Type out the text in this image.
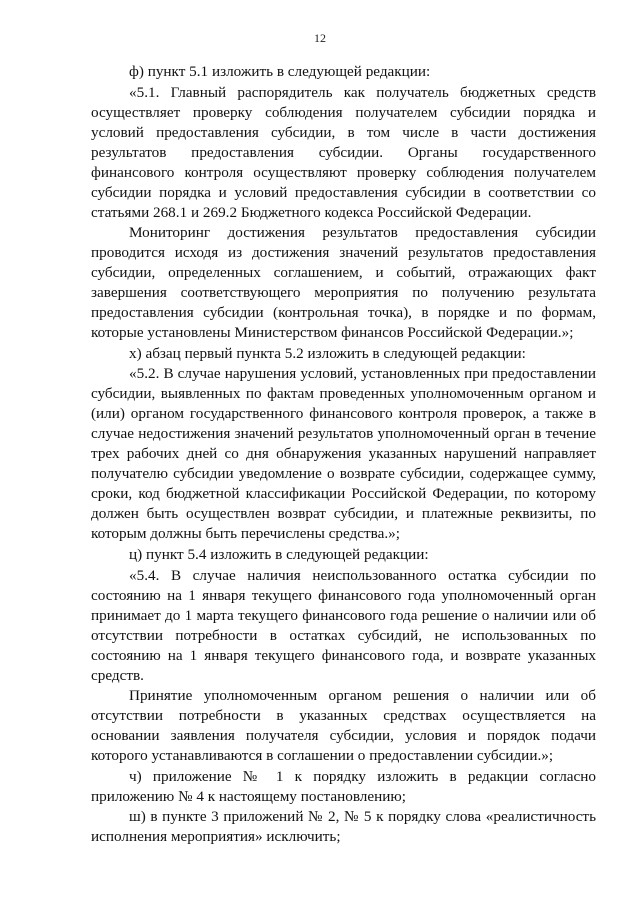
12

ф) пункт 5.1 изложить в следующей редакции:

«5.1. Главный распорядитель как получатель бюджетных средств осуществляет проверку соблюдения получателем субсидии порядка и условий предоставления субсидии, в том числе в части достижения результатов предоставления субсидии. Органы государственного финансового контроля осуществляют проверку соблюдения получателем субсидии порядка и условий предоставления субсидии в соответствии со статьями 268.1 и 269.2 Бюджетного кодекса Российской Федерации.

Мониторинг достижения результатов предоставления субсидии проводится исходя из достижения значений результатов предоставления субсидии, определенных соглашением, и событий, отражающих факт завершения соответствующего мероприятия по получению результата предоставления субсидии (контрольная точка), в порядке и по формам, которые установлены Министерством финансов Российской Федерации.»;

х) абзац первый пункта 5.2 изложить в следующей редакции:

«5.2. В случае нарушения условий, установленных при предоставлении субсидии, выявленных по фактам проведенных уполномоченным органом и (или) органом государственного финансового контроля проверок, а также в случае недостижения значений результатов уполномоченный орган в течение трех рабочих дней со дня обнаружения указанных нарушений направляет получателю субсидии уведомление о возврате субсидии, содержащее сумму, сроки, код бюджетной классификации Российской Федерации, по которому должен быть осуществлен возврат субсидии, и платежные реквизиты, по которым должны быть перечислены средства.»;

ц) пункт 5.4 изложить в следующей редакции:

«5.4. В случае наличия неиспользованного остатка субсидии по состоянию на 1 января текущего финансового года уполномоченный орган принимает до 1 марта текущего финансового года решение о наличии или об отсутствии потребности в остатках субсидий, не использованных по состоянию на 1 января текущего финансового года, и возврате указанных средств.

Принятие уполномоченным органом решения о наличии или об отсутствии потребности в указанных средствах осуществляется на основании заявления получателя субсидии, условия и порядок подачи которого устанавливаются в соглашении о предоставлении субсидии.»;

ч) приложение № 1 к порядку изложить в редакции согласно приложению № 4 к настоящему постановлению;

ш) в пункте 3 приложений № 2, № 5 к порядку слова «реалистичность исполнения мероприятия» исключить;
